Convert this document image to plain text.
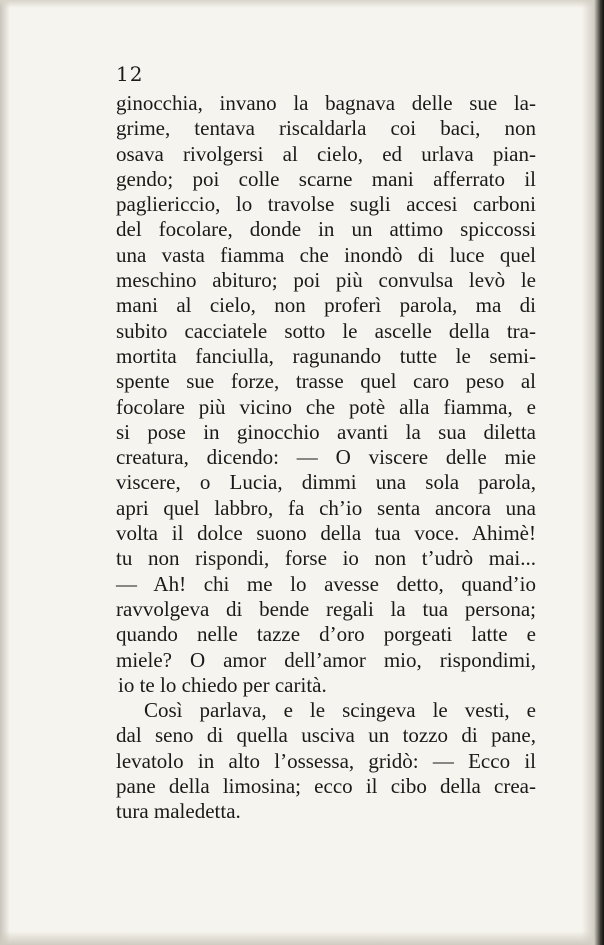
12
ginocchia, invano la bagnava delle sue la-
grime, tentava riscaldarla coi baci, non
osava rivolgersi al cielo, ed urlava pian-
gendo; poi colle scarne mani afferrato il
pagliericcio, lo travolse sugli accesi carboni
del focolare, donde in un attimo spiccossi
una vasta fiamma che inondò di luce quel
meschino abituro; poi più convulsa levò le
mani al cielo, non proferì parola, ma di
subito cacciatele sotto le ascelle della tra-
mortita fanciulla, ragunando tutte le semi-
spente sue forze, trasse quel caro peso al
focolare più vicino che potè alla fiamma, e
si pose in ginocchio avanti la sua diletta
creatura, dicendo: — O viscere delle mie
viscere, o Lucia, dimmi una sola parola,
apri quel labbro, fa ch’io senta ancora una
volta il dolce suono della tua voce. Ahimè!
tu non rispondi, forse io non t’udrò mai...
— Ah! chi me lo avesse detto, quand’io
ravvolgeva di bende regali la tua persona;
quando nelle tazze d’oro porgeati latte e
miele? O amor dell’amor mio, rispondimi,
io te lo chiedo per carità.
Così parlava, e le scingeva le vesti, e
dal seno di quella usciva un tozzo di pane,
levatolo in alto l’ossessa, gridò: — Ecco il
pane della limosina; ecco il cibo della crea-
tura maledetta.
